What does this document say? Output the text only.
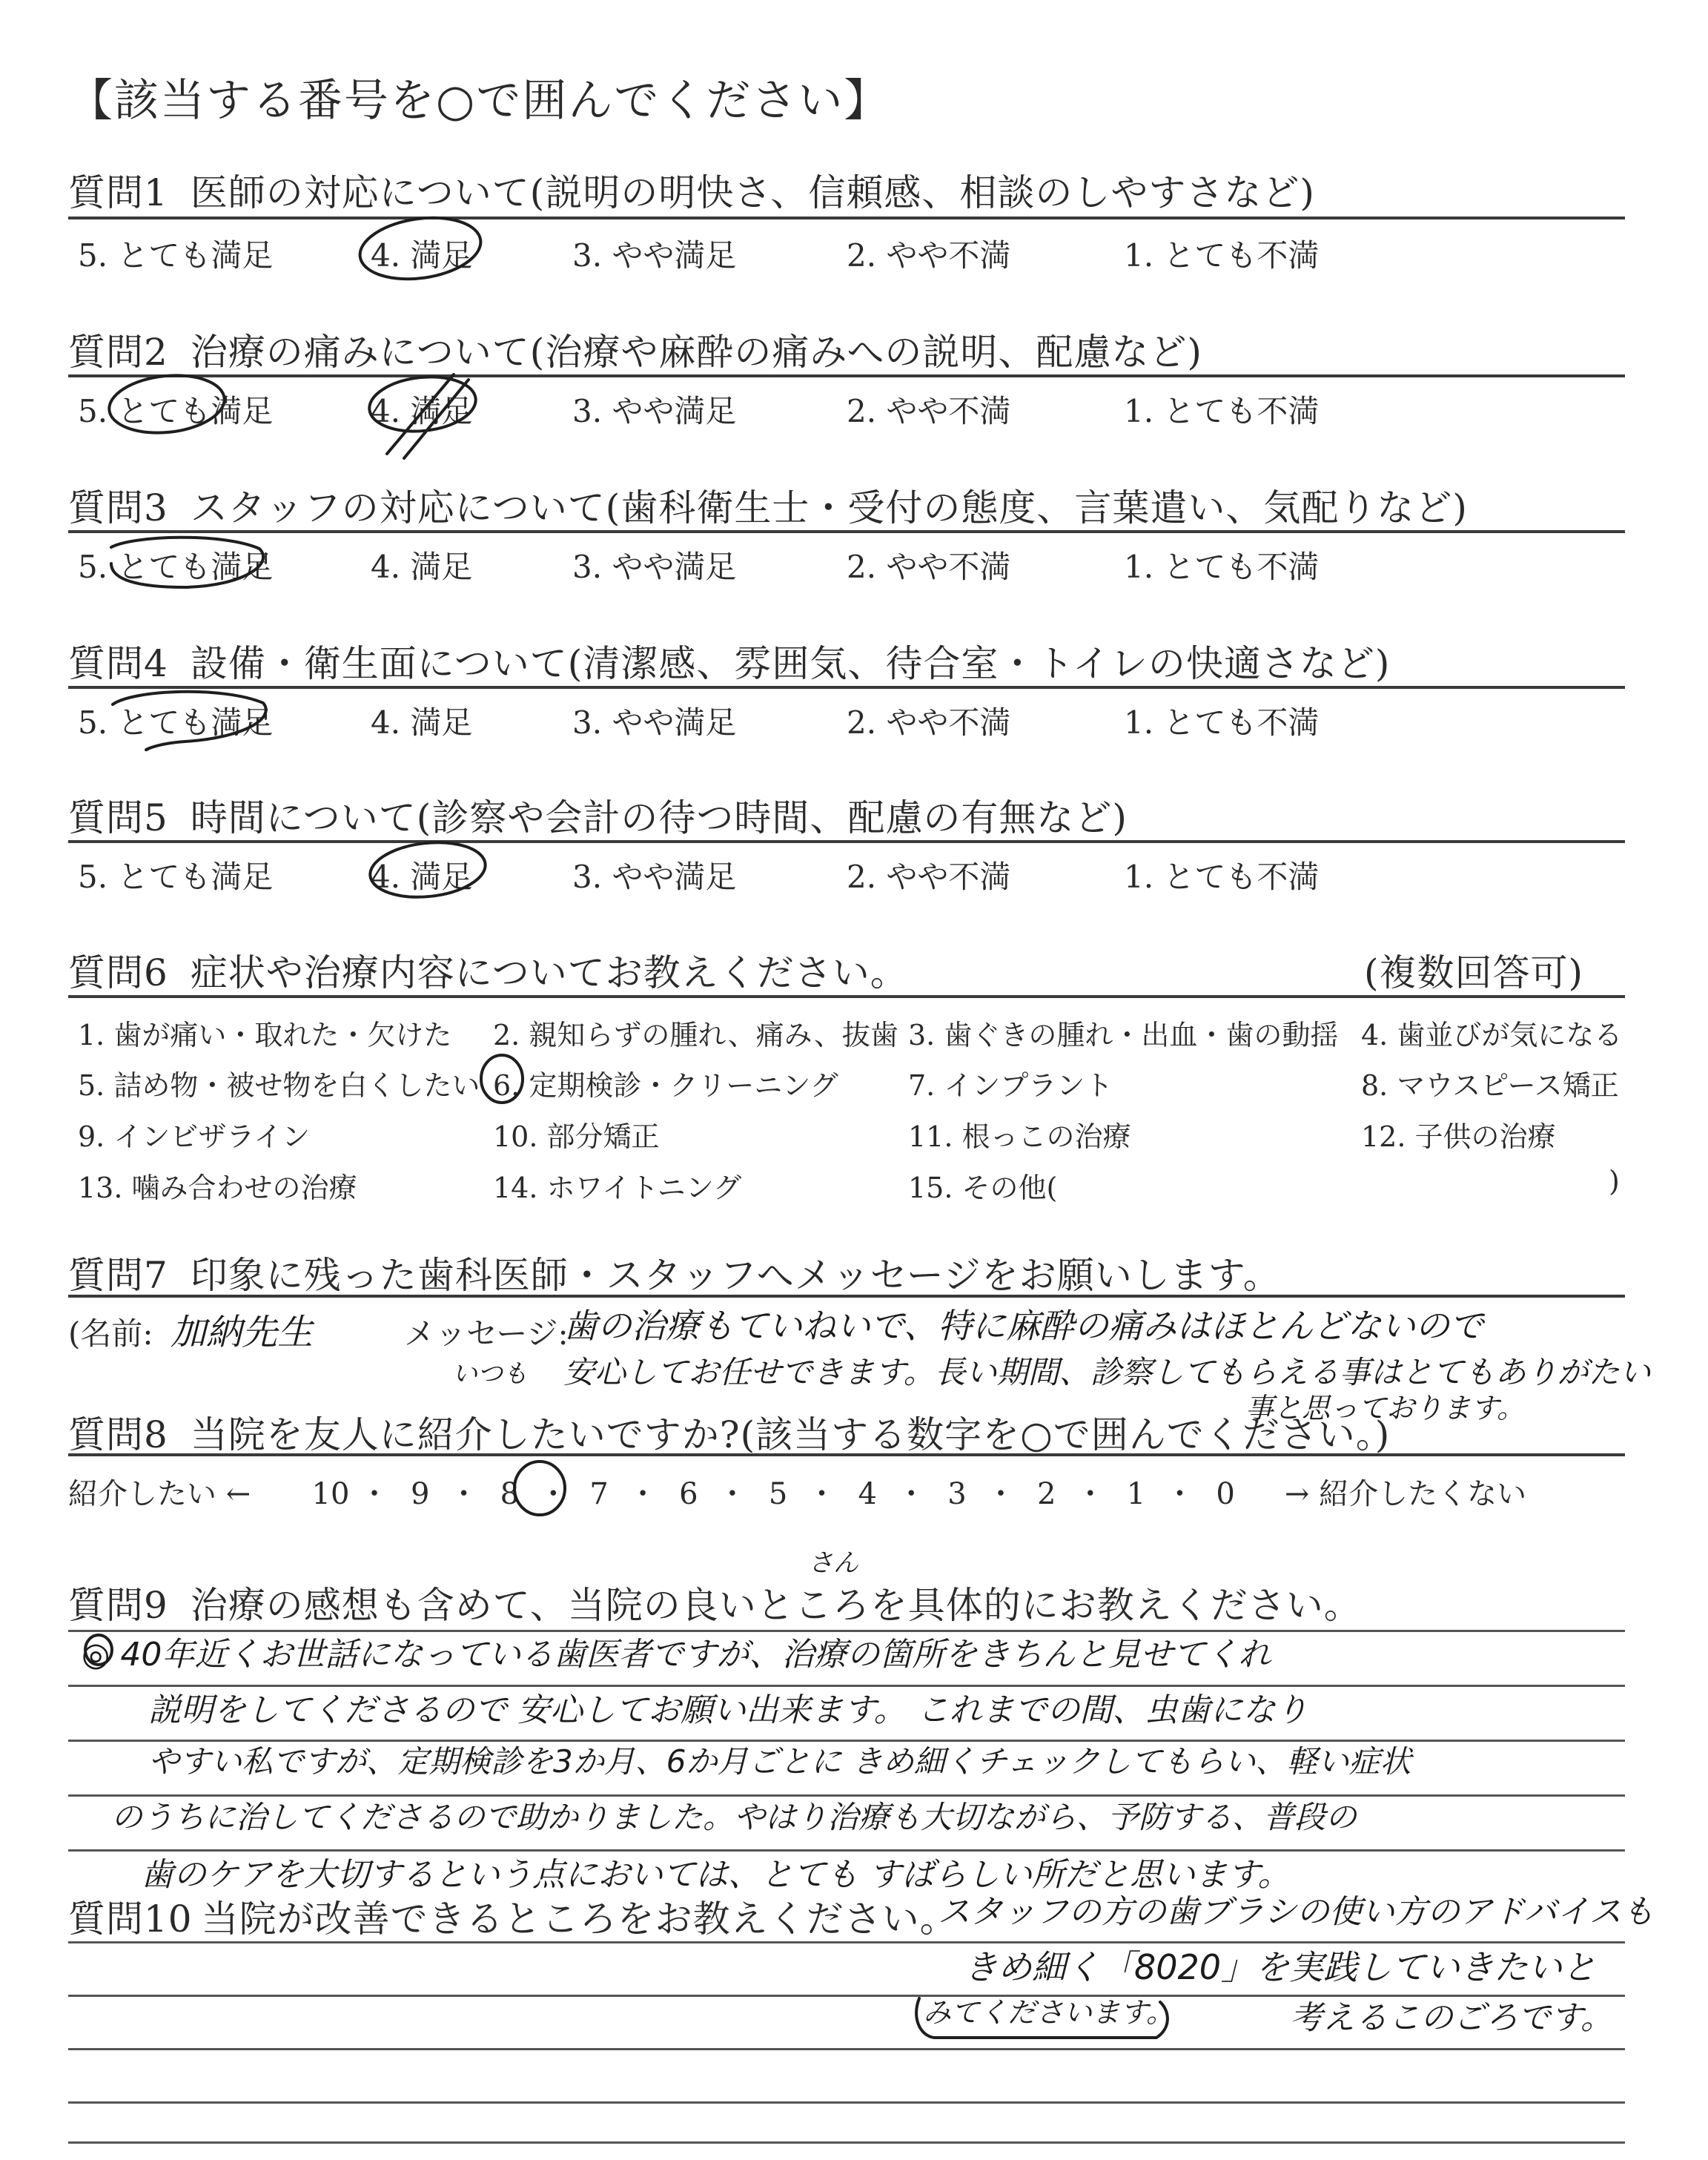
【該当する番号を○で囲んでください】
質問1 医師の対応について(説明の明快さ、信頼感、相談のしやすさなど)
5. とても満足	4. 満足	3. やや満足	2. やや不満	1. とても不満
質問2 治療の痛みについて(治療や麻酔の痛みへの説明、配慮など)
5. とても満足	4. 満足	3. やや満足	2. やや不満	1. とても不満
質問3 スタッフの対応について(歯科衛生士・受付の態度、言葉遣い、気配りなど)
5. とても満足	4. 満足	3. やや満足	2. やや不満	1. とても不満
質問4 設備・衛生面について(清潔感、雰囲気、待合室・トイレの快適さなど)
5. とても満足	4. 満足	3. やや満足	2. やや不満	1. とても不満
質問5 時間について(診察や会計の待つ時間、配慮の有無など)
5. とても満足	4. 満足	3. やや満足	2. やや不満	1. とても不満
質問6 症状や治療内容についてお教えください。	(複数回答可)
1. 歯が痛い・取れた・欠けた 2. 親知らずの腫れ、痛み、抜歯 3. 歯ぐきの腫れ・出血・歯の動揺 4. 歯並びが気になる
5. 詰め物・被せ物を白くしたい 6. 定期検診・クリーニング 7. インプラント	8. マウスピース矯正
9. インビザライン	10. 部分矯正	11. 根っこの治療	12. 子供の治療
13. 噛み合わせの治療	14. ホワイトニング	15. その他(	)
質問7 印象に残った歯科医師・スタッフへメッセージをお願いします。
(名前:	メッセージ:
加納先生	歯の治療もていねいで、特に麻酔の痛みはほとんどないので
いつも 安心してお任せできます。長い期間、診察してもらえる事はとてもありがたい
事と思っております。
質問8 当院を友人に紹介したいですか?(該当する数字を○で囲んでください。)
紹介したい ← 10 ・ 9 ・ 8 ・ 7 ・ 6 ・ 5 ・ 4 ・ 3 ・ 2 ・ 1 ・ 0 → 紹介したくない
質問9 治療の感想も含めて、当院の良いところを具体的にお教えください。
さん
◎ 40年近くお世話になっている歯医者ですが、治療の箇所をきちんと見せてくれ
説明をしてくださるので 安心してお願い出来ます。 これまでの間、虫歯になり
やすい私ですが、定期検診を3か月、6か月ごとに きめ細くチェックしてもらい、軽い症状
のうちに治してくださるので助かりました。やはり治療も大切ながら、予防する、普段の
歯のケアを大切するという点においては、とても すばらしい所だと思います。
質問10 当院が改善できるところをお教えください。
スタッフの方の歯ブラシの使い方のアドバイスも
きめ細く「8020」を実践していきたいと
みてくださいます。	考えるこのごろです。
